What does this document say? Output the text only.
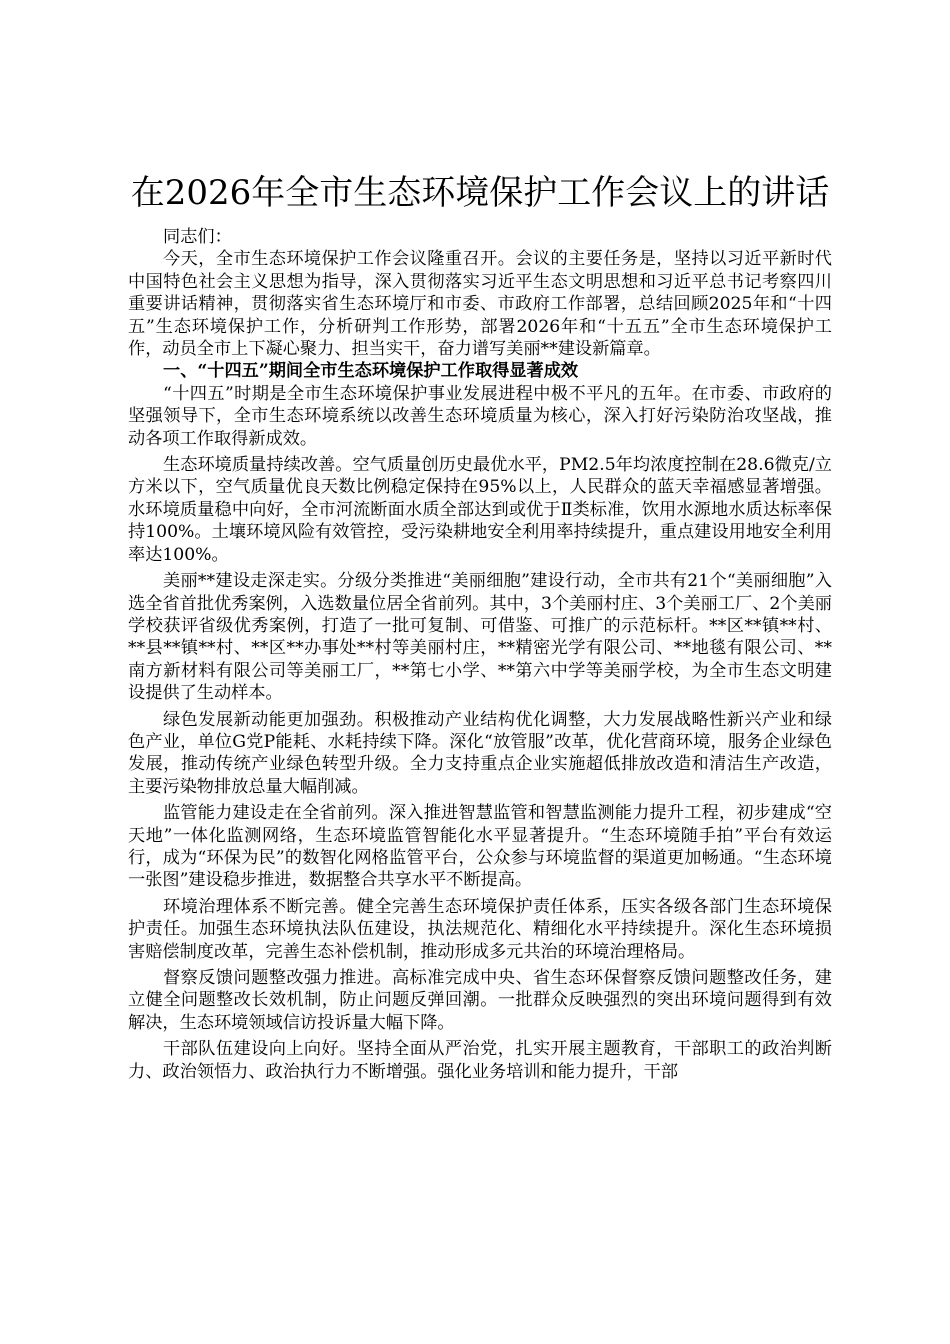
在2026年全市生态环境保护工作会议上的讲话

同志们：

今天，全市生态环境保护工作会议隆重召开。会议的主要任务是，坚持以习近平新时代中国特色社会主义思想为指导，深入贯彻落实习近平生态文明思想和习近平总书记考察四川重要讲话精神，贯彻落实省生态环境厅和市委、市政府工作部署，总结回顾2025年和“十四五”生态环境保护工作，分析研判工作形势，部署2026年和“十五五”全市生态环境保护工作，动员全市上下凝心聚力、担当实干，奋力谱写美丽**建设新篇章。

一、“十四五”期间全市生态环境保护工作取得显著成效

“十四五”时期是全市生态环境保护事业发展进程中极不平凡的五年。在市委、市政府的坚强领导下，全市生态环境系统以改善生态环境质量为核心，深入打好污染防治攻坚战，推动各项工作取得新成效。

生态环境质量持续改善。空气质量创历史最优水平，PM2.5年均浓度控制在28.6微克/立方米以下，空气质量优良天数比例稳定保持在95%以上，人民群众的蓝天幸福感显著增强。水环境质量稳中向好，全市河流断面水质全部达到或优于Ⅱ类标准，饮用水源地水质达标率保持100%。土壤环境风险有效管控，受污染耕地安全利用率持续提升，重点建设用地安全利用率达100%。

美丽**建设走深走实。分级分类推进“美丽细胞”建设行动，全市共有21个“美丽细胞”入选全省首批优秀案例，入选数量位居全省前列。其中，3个美丽村庄、3个美丽工厂、2个美丽学校获评省级优秀案例，打造了一批可复制、可借鉴、可推广的示范标杆。**区**镇**村、**县**镇**村、**区**办事处**村等美丽村庄，**精密光学有限公司、**地毯有限公司、**南方新材料有限公司等美丽工厂，**第七小学、**第六中学等美丽学校，为全市生态文明建设提供了生动样本。

绿色发展新动能更加强劲。积极推动产业结构优化调整，大力发展战略性新兴产业和绿色产业，单位G党P能耗、水耗持续下降。深化“放管服”改革，优化营商环境，服务企业绿色发展，推动传统产业绿色转型升级。全力支持重点企业实施超低排放改造和清洁生产改造，主要污染物排放总量大幅削减。

监管能力建设走在全省前列。深入推进智慧监管和智慧监测能力提升工程，初步建成“空天地”一体化监测网络，生态环境监管智能化水平显著提升。“生态环境随手拍”平台有效运行，成为“环保为民”的数智化网格监管平台，公众参与环境监督的渠道更加畅通。“生态环境一张图”建设稳步推进，数据整合共享水平不断提高。

环境治理体系不断完善。健全完善生态环境保护责任体系，压实各级各部门生态环境保护责任。加强生态环境执法队伍建设，执法规范化、精细化水平持续提升。深化生态环境损害赔偿制度改革，完善生态补偿机制，推动形成多元共治的环境治理格局。

督察反馈问题整改强力推进。高标准完成中央、省生态环保督察反馈问题整改任务，建立健全问题整改长效机制，防止问题反弹回潮。一批群众反映强烈的突出环境问题得到有效解决，生态环境领域信访投诉量大幅下降。

干部队伍建设向上向好。坚持全面从严治党，扎实开展主题教育，干部职工的政治判断力、政治领悟力、政治执行力不断增强。强化业务培训和能力提升，干部
